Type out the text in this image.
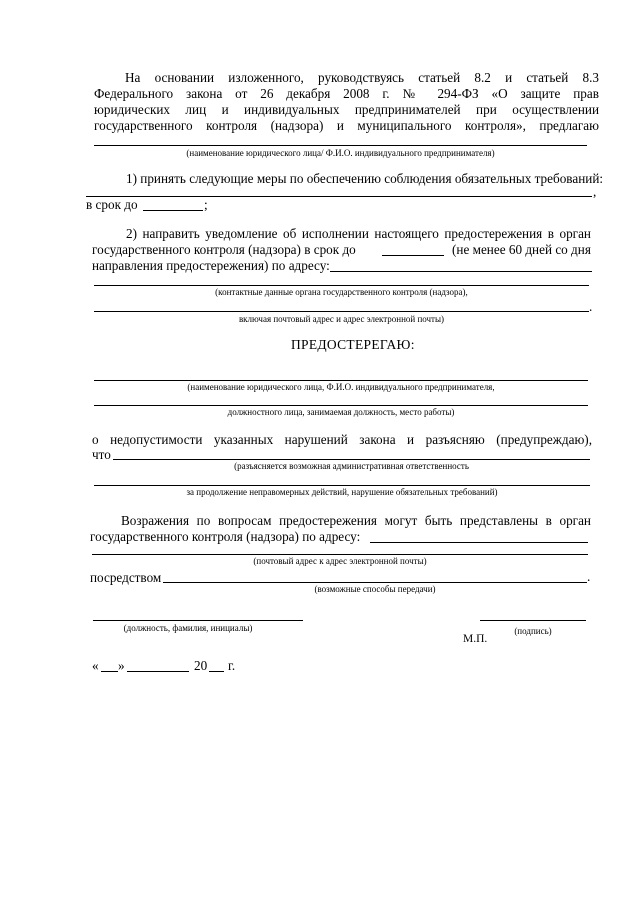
На основании изложенного, руководствуясь статьей 8.2 и статьей 8.3
Федерального закона от 26 декабря 2008 г. № 294-ФЗ «О защите прав
юридических лиц и индивидуальных предпринимателей при осуществлении
государственного контроля (надзора) и муниципального контроля», предлагаю
(наименование юридического лица/ Ф.И.О. индивидуального предпринимателя)
1) принять следующие меры по обеспечению соблюдения обязательных требований:
,
в срок до	;
2) направить уведомление об исполнении настоящего предостережения в орган
государственного контроля (надзора) в срок до	(не менее 60 дней со дня
направления предостережения) по адресу:
(контактные данные органа государственного контроля (надзора),
.
включая почтовый адрес и адрес электронной почты)
ПРЕДОСТЕРЕГАЮ:
(наименование юридического лица, Ф.И.О. индивидуального предпринимателя,
должностного лица, занимаемая должность, место работы)
о недопустимости указанных нарушений закона и разъясняю (предупреждаю),
что
(разъясняется возможная административная ответственность
за продолжение неправомерных действий, нарушение обязательных требований)
Возражения по вопросам предостережения могут быть представлены в орган
государственного контроля (надзора) по адресу:
(почтовый адрес к адрес электронной почты)
посредством	.
(возможные способы передачи)
(должность, фамилия, инициалы)	(подпись)
М.П.
« »	20 г.
